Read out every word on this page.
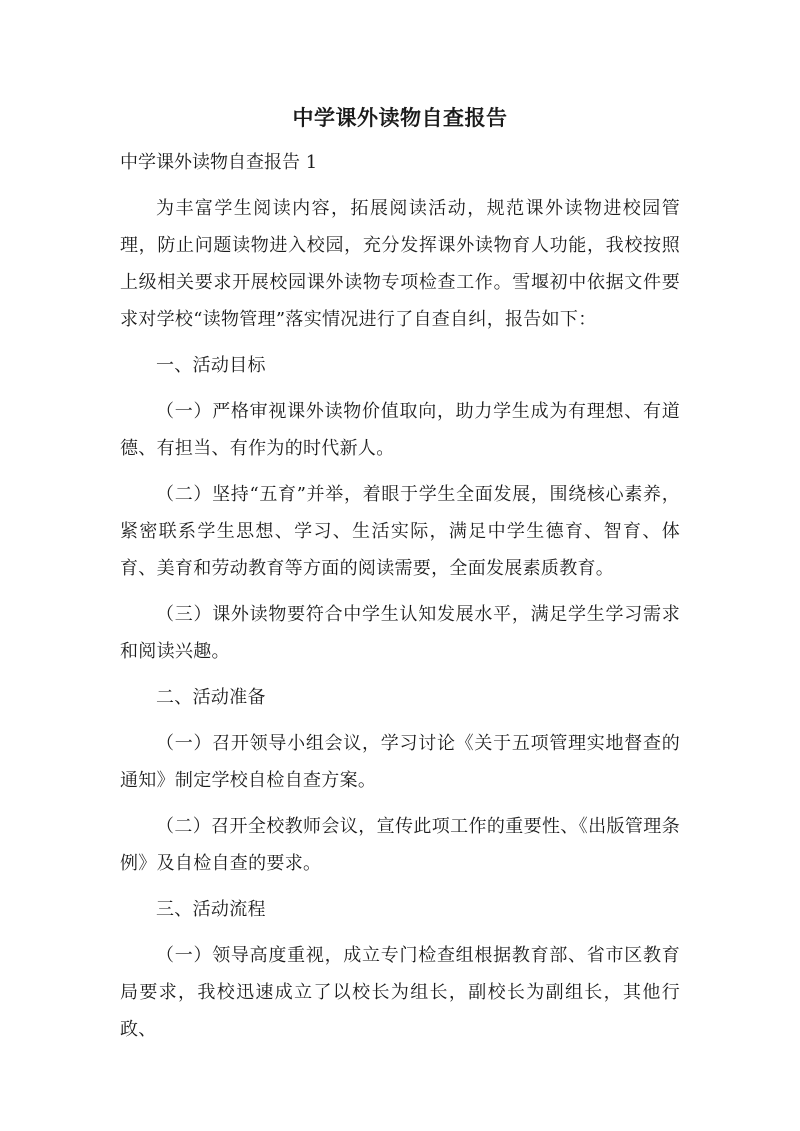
中学课外读物自查报告
中学课外读物自查报告 1

为丰富学生阅读内容，拓展阅读活动，规范课外读物进校园管理，防止问题读物进入校园，充分发挥课外读物育人功能，我校按照上级相关要求开展校园课外读物专项检查工作。雪堰初中依据文件要求对学校“读物管理”落实情况进行了自查自纠，报告如下：

一、活动目标

（一）严格审视课外读物价值取向，助力学生成为有理想、有道德、有担当、有作为的时代新人。

（二）坚持“五育”并举，着眼于学生全面发展，围绕核心素养，紧密联系学生思想、学习、生活实际，满足中学生德育、智育、体育、美育和劳动教育等方面的阅读需要，全面发展素质教育。

（三）课外读物要符合中学生认知发展水平，满足学生学习需求和阅读兴趣。

二、活动准备

（一）召开领导小组会议，学习讨论《关于五项管理实地督查的通知》制定学校自检自查方案。

（二）召开全校教师会议，宣传此项工作的重要性、《出版管理条例》及自检自查的要求。

三、活动流程

（一）领导高度重视，成立专门检查组根据教育部、省市区教育局要求，我校迅速成立了以校长为组长，副校长为副组长，其他行政、
